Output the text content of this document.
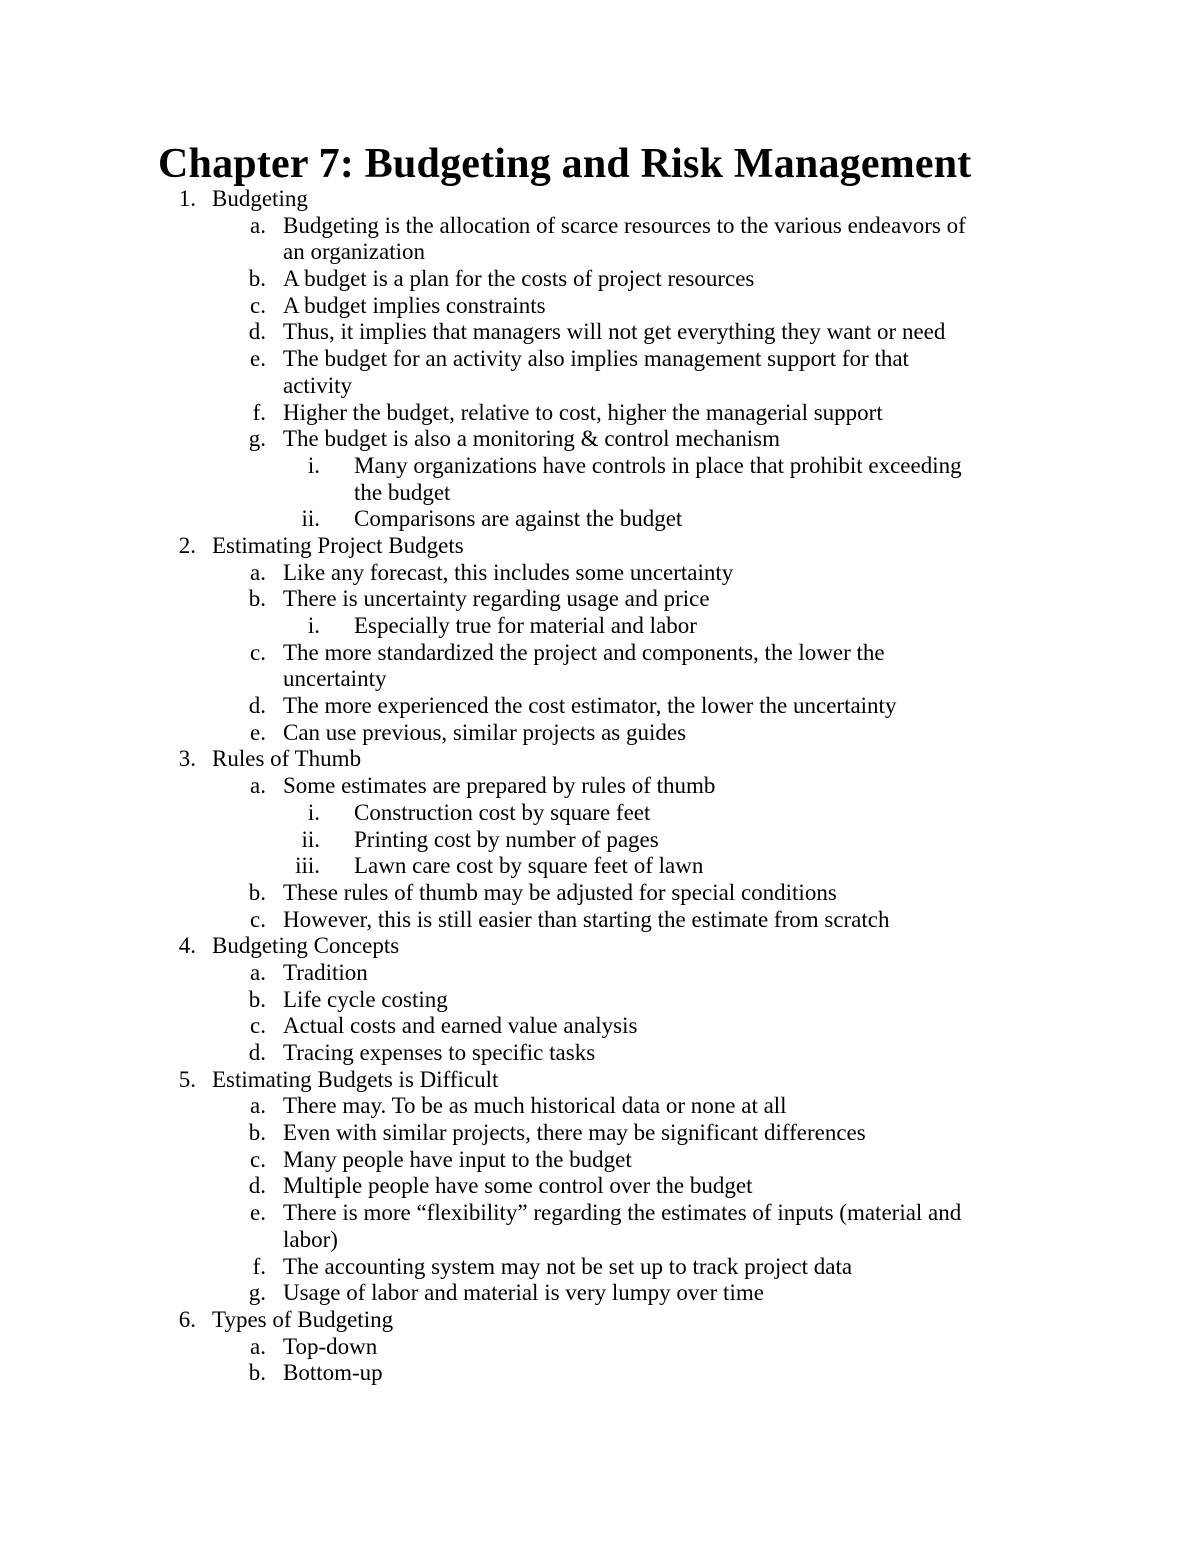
Chapter 7: Budgeting and Risk Management
1. Budgeting
a. Budgeting is the allocation of scarce resources to the various endeavors of
an organization
b. A budget is a plan for the costs of project resources
c. A budget implies constraints
d. Thus, it implies that managers will not get everything they want or need
e. The budget for an activity also implies management support for that
activity
f. Higher the budget, relative to cost, higher the managerial support
g. The budget is also a monitoring & control mechanism
i. Many organizations have controls in place that prohibit exceeding
the budget
ii. Comparisons are against the budget
2. Estimating Project Budgets
a. Like any forecast, this includes some uncertainty
b. There is uncertainty regarding usage and price
i. Especially true for material and labor
c. The more standardized the project and components, the lower the
uncertainty
d. The more experienced the cost estimator, the lower the uncertainty
e. Can use previous, similar projects as guides
3. Rules of Thumb
a. Some estimates are prepared by rules of thumb
i. Construction cost by square feet
ii. Printing cost by number of pages
iii. Lawn care cost by square feet of lawn
b. These rules of thumb may be adjusted for special conditions
c. However, this is still easier than starting the estimate from scratch
4. Budgeting Concepts
a. Tradition
b. Life cycle costing
c. Actual costs and earned value analysis
d. Tracing expenses to specific tasks
5. Estimating Budgets is Difficult
a. There may. To be as much historical data or none at all
b. Even with similar projects, there may be significant differences
c. Many people have input to the budget
d. Multiple people have some control over the budget
e. There is more “flexibility” regarding the estimates of inputs (material and
labor)
f. The accounting system may not be set up to track project data
g. Usage of labor and material is very lumpy over time
6. Types of Budgeting
a. Top-down
b. Bottom-up
